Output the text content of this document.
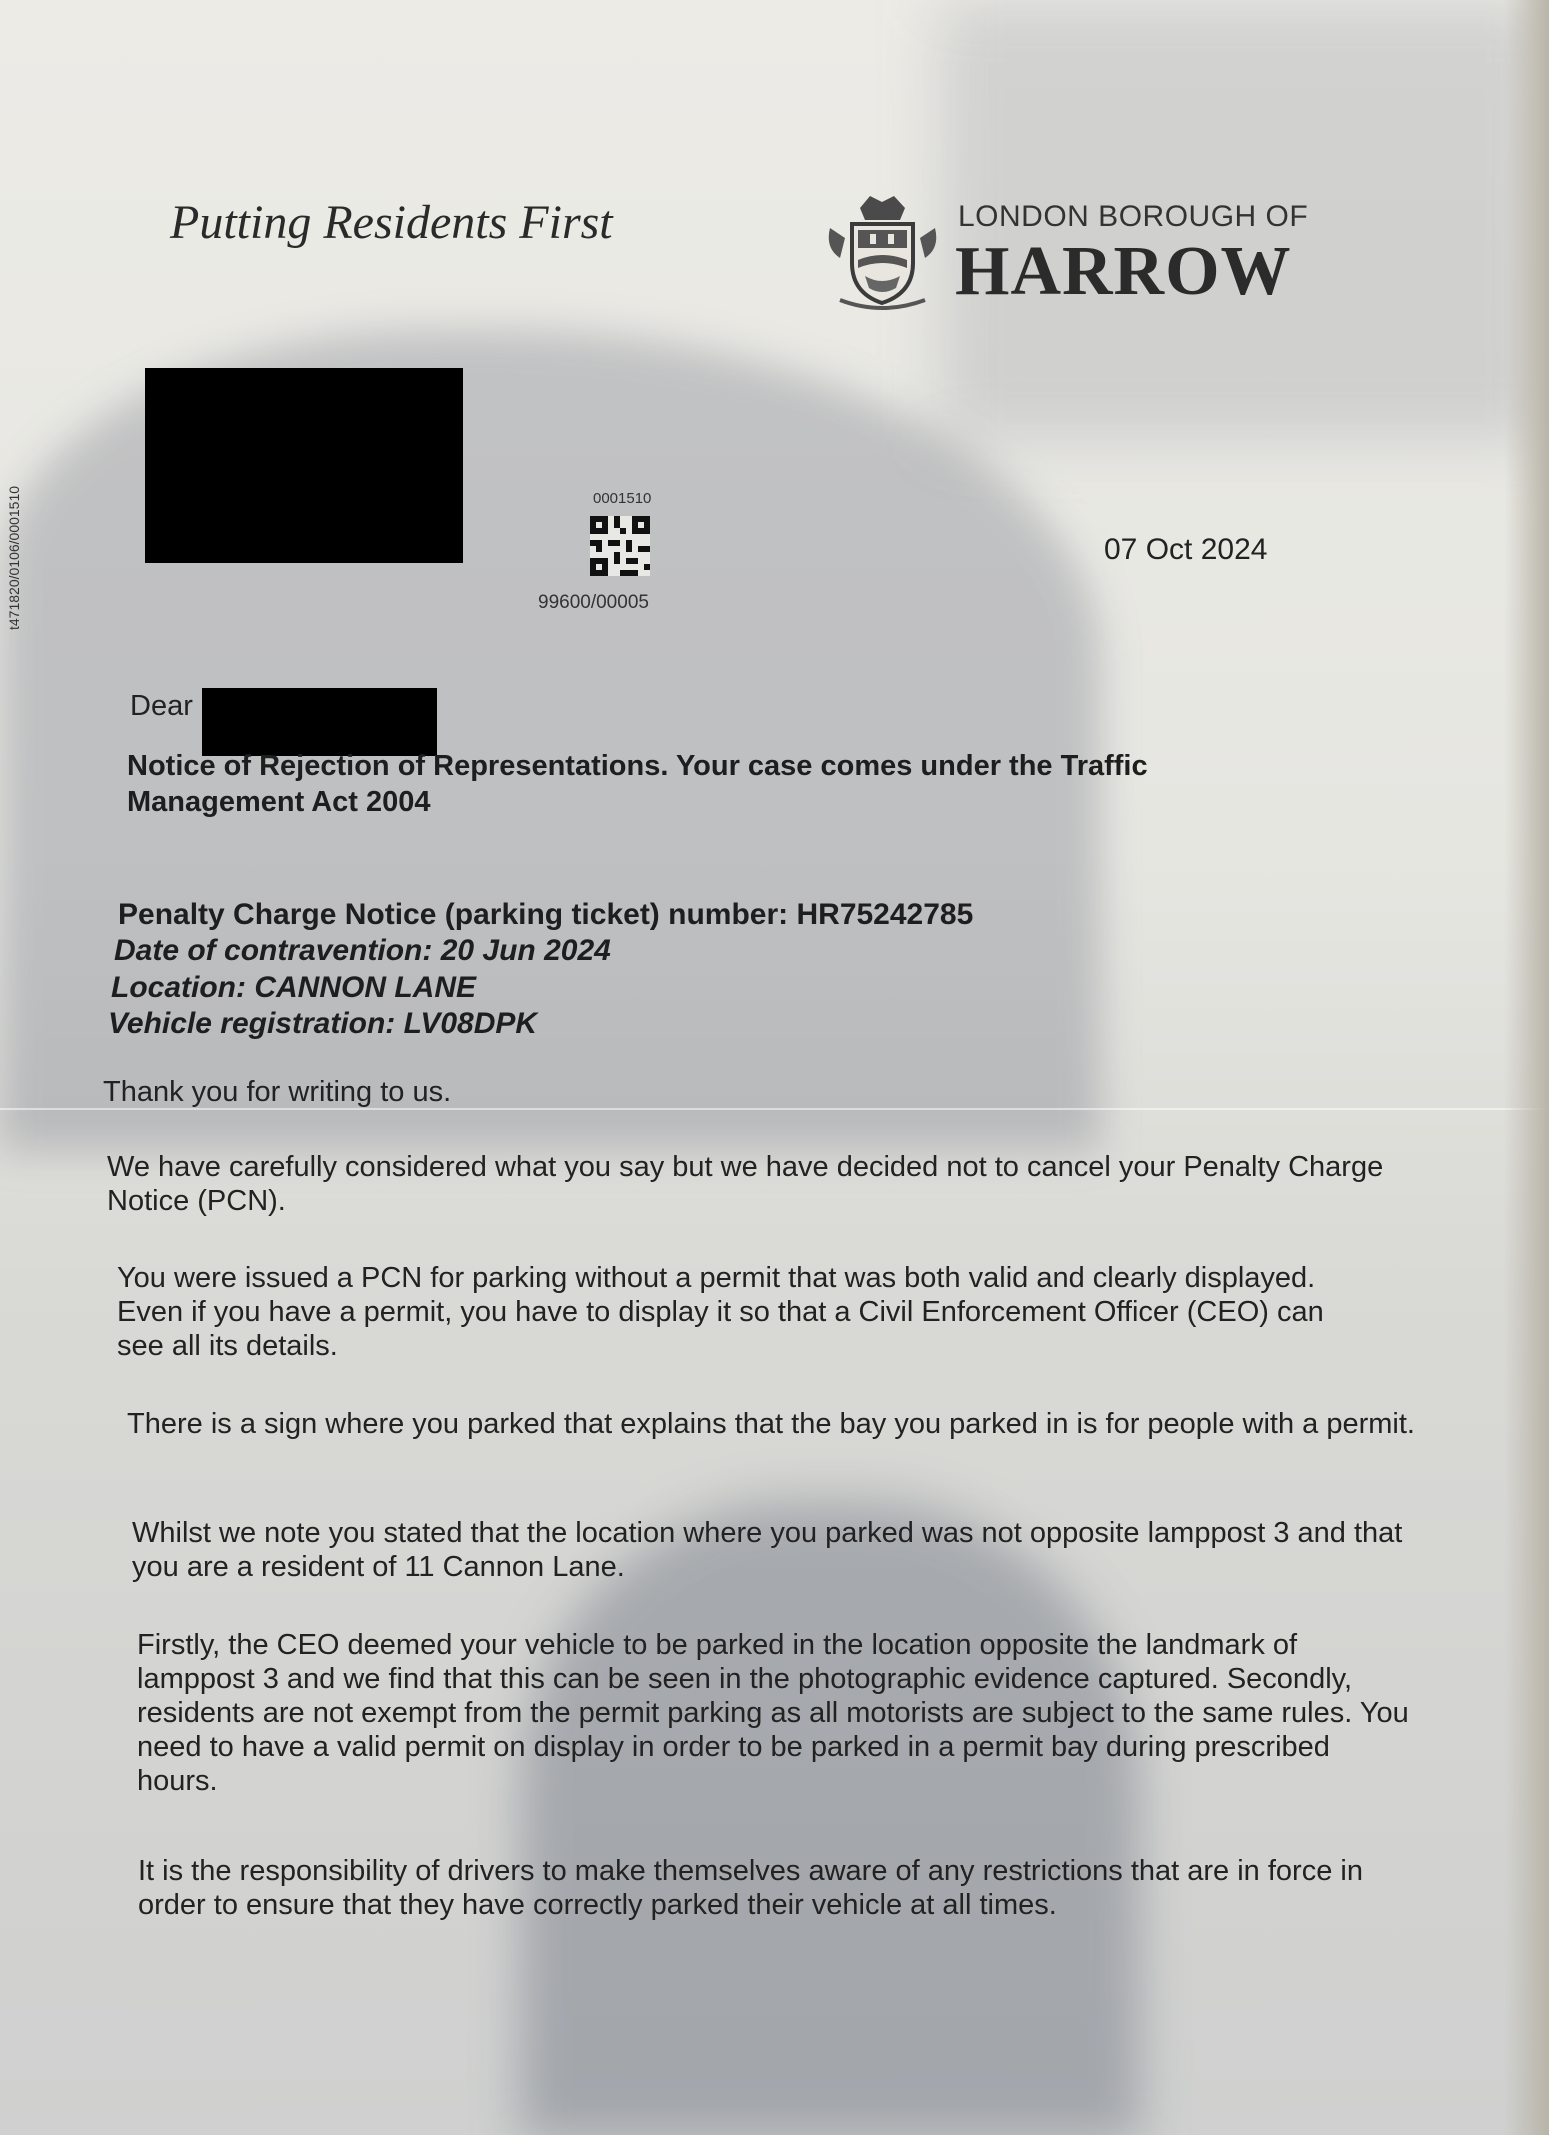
Putting Residents First	LONDON BOROUGH OF
HARROW
t471820/0106/0001510	0001510
99600/00005
07 Oct 2024
Dear
Notice of Rejection of Representations. Your case comes under the Traffic Management Act 2004
Penalty Charge Notice (parking ticket) number: HR75242785
Date of contravention: 20 Jun 2024
Location: CANNON LANE
Vehicle registration: LV08DPK
Thank you for writing to us.
We have carefully considered what you say but we have decided not to cancel your Penalty Charge Notice (PCN).
You were issued a PCN for parking without a permit that was both valid and clearly displayed. Even if you have a permit, you have to display it so that a Civil Enforcement Officer (CEO) can see all its details.
There is a sign where you parked that explains that the bay you parked in is for people with a permit.
Whilst we note you stated that the location where you parked was not opposite lamppost 3 and that you are a resident of 11 Cannon Lane.
Firstly, the CEO deemed your vehicle to be parked in the location opposite the landmark of lamppost 3 and we find that this can be seen in the photographic evidence captured. Secondly, residents are not exempt from the permit parking as all motorists are subject to the same rules. You need to have a valid permit on display in order to be parked in a permit bay during prescribed hours.
It is the responsibility of drivers to make themselves aware of any restrictions that are in force in order to ensure that they have correctly parked their vehicle at all times.
